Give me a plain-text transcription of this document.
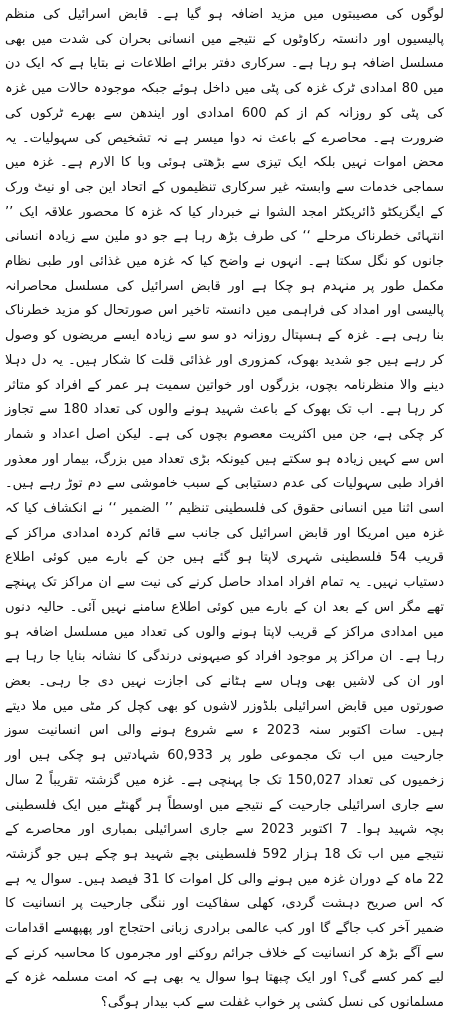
لوگوں کی مصیبتوں میں مزید اضافہ ہو گیا ہے۔ قابض اسرائیل کی منظم پالیسیوں اور دانستہ رکاوٹوں کے نتیجے میں انسانی بحران کی شدت میں بھی مسلسل اضافہ ہو رہا ہے۔ سرکاری دفتر برائے اطلاعات نے بتایا ہے کہ ایک دن میں 80 امدادی ٹرک غزہ کی پٹی میں داخل ہوئے جبکہ موجودہ حالات میں غزہ کی پٹی کو روزانہ کم از کم 600 امدادی اور ایندھن سے بھرے ٹرکوں کی ضرورت ہے۔ محاصرے کے باعث نہ دوا میسر ہے نہ تشخیص کی سہولیات۔ یہ محض اموات نہیں بلکہ ایک تیزی سے بڑھتی ہوئی وبا کا الارم ہے۔ غزہ میں سماجی خدمات سے وابستہ غیر سرکاری تنظیموں کے اتحاد این جی او نیٹ ورک کے ایگزیکٹو ڈائریکٹر امجد الشوا نے خبردار کیا کہ غزہ کا محصور علاقہ ایک ’’ انتہائی خطرناک مرحلے ‘‘ کی طرف بڑھ رہا ہے جو دو ملین سے زیادہ انسانی جانوں کو نگل سکتا ہے۔ انہوں نے واضح کیا کہ غزہ میں غذائی اور طبی نظام مکمل طور پر منہدم ہو چکا ہے اور قابض اسرائیل کی مسلسل محاصرانہ پالیسی اور امداد کی فراہمی میں دانستہ تاخیر اس صورتحال کو مزید خطرناک بنا رہی ہے۔ غزہ کے ہسپتال روزانہ دو سو سے زیادہ ایسے مریضوں کو وصول کر رہے ہیں جو شدید بھوک، کمزوری اور غذائی قلت کا شکار ہیں۔ یہ دل دہلا دینے والا منظرنامہ بچوں، بزرگوں اور خواتین سمیت ہر عمر کے افراد کو متاثر کر رہا ہے۔ اب تک بھوک کے باعث شہید ہونے والوں کی تعداد 180 سے تجاوز کر چکی ہے، جن میں اکثریت معصوم بچوں کی ہے۔ لیکن اصل اعداد و شمار اس سے کہیں زیادہ ہو سکتے ہیں کیونکہ بڑی تعداد میں بزرگ، بیمار اور معذور افراد طبی سہولیات کی عدم دستیابی کے سبب خاموشی سے دم توڑ رہے ہیں۔ اسی اثنا میں انسانی حقوق کی فلسطینی تنظیم ’’ الضمیر ‘‘ نے انکشاف کیا کہ غزہ میں امریکا اور قابض اسرائیل کی جانب سے قائم کردہ امدادی مراکز کے قریب 54 فلسطینی شہری لاپتا ہو گئے ہیں جن کے بارے میں کوئی اطلاع دستیاب نہیں۔ یہ تمام افراد امداد حاصل کرنے کی نیت سے ان مراکز تک پہنچے تھے مگر اس کے بعد ان کے بارے میں کوئی اطلاع سامنے نہیں آئی۔ حالیہ دنوں میں امدادی مراکز کے قریب لاپتا ہونے والوں کی تعداد میں مسلسل اضافہ ہو رہا ہے۔ ان مراکز پر موجود افراد کو صیہونی درندگی کا نشانہ بنایا جا رہا ہے اور ان کی لاشیں بھی وہاں سے ہٹانے کی اجازت نہیں دی جا رہی۔ بعض صورتوں میں قابض اسرائیلی بلڈوزر لاشوں کو بھی کچل کر مٹی میں ملا دیتے ہیں۔ سات اکتوبر سنہ 2023 ء سے شروع ہونے والی اس انسانیت سوز جارحیت میں اب تک مجموعی طور پر 60,933 شہادتیں ہو چکی ہیں اور زخمیوں کی تعداد 150,027 تک جا پہنچی ہے۔ غزہ میں گزشتہ تقریباً 2 سال سے جاری اسرائیلی جارحیت کے نتیجے میں اوسطاً ہر گھنٹے میں ایک فلسطینی بچہ شہید ہوا۔ 7 اکتوبر 2023 سے جاری اسرائیلی بمباری اور محاصرے کے نتیجے میں اب تک 18 ہزار 592 فلسطینی بچے شہید ہو چکے ہیں جو گزشتہ 22 ماہ کے دوران غزہ میں ہونے والی کل اموات کا 31 فیصد ہیں۔ سوال یہ ہے کہ اس صریح دہشت گردی، کھلی سفاکیت اور ننگی جارحیت پر انسانیت کا ضمیر آخر کب جاگے گا اور کب عالمی برادری زبانی احتجاج اور پھپھسے اقدامات سے آگے بڑھ کر انسانیت کے خلاف جرائم روکنے اور مجرموں کا محاسبہ کرنے کے لیے کمر کسے گی؟ اور ایک چبھتا ہوا سوال یہ بھی ہے کہ امت مسلمہ غزہ کے مسلمانوں کی نسل کشی پر خواب غفلت سے کب بیدار ہوگی؟
